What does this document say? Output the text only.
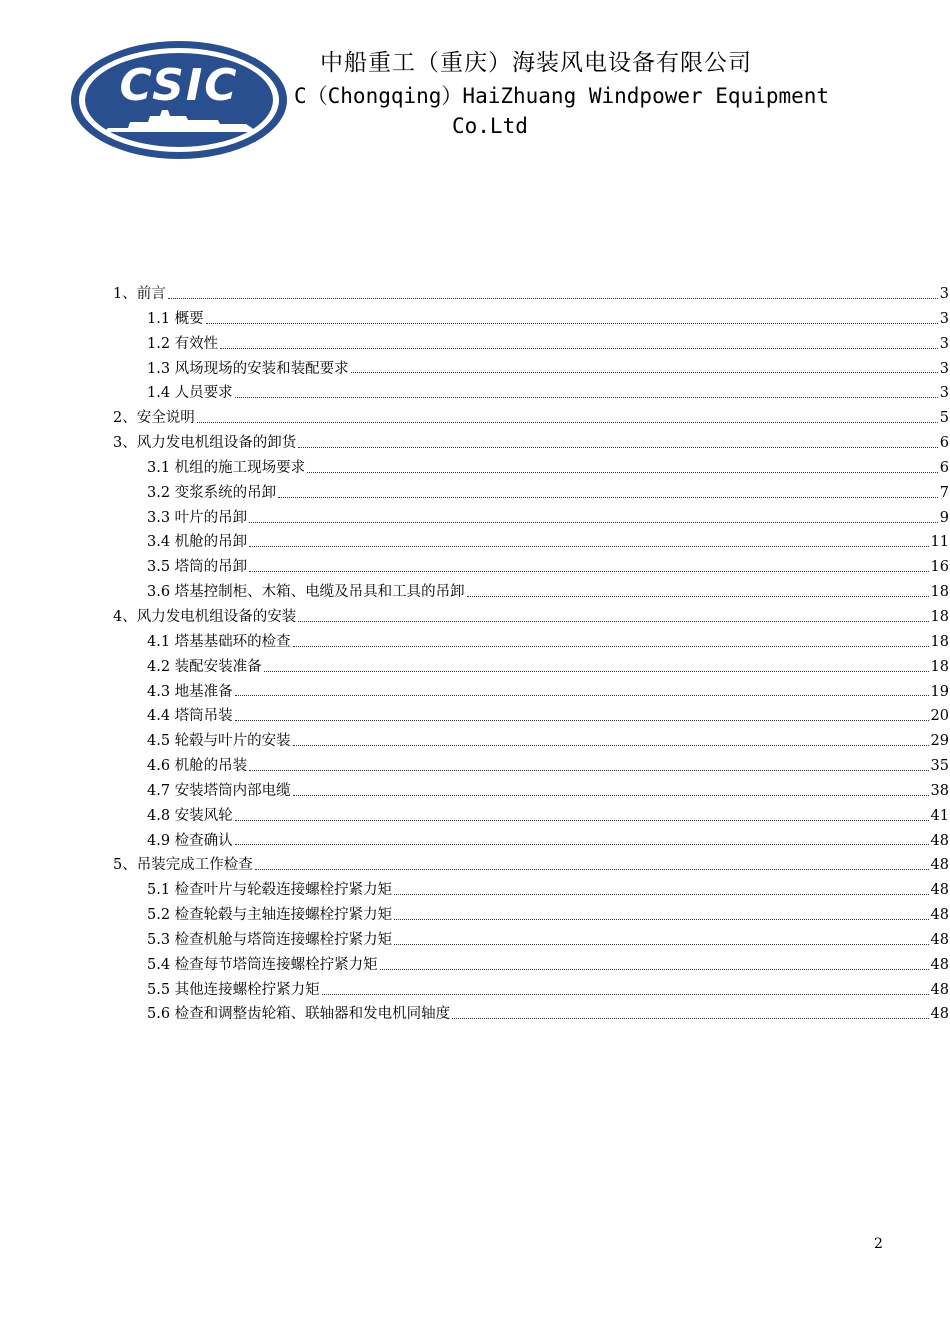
CSIC	中船重工（重庆）海装风电设备有限公司
C（Chongqing）HaiZhuang Windpower Equipment
Co.Ltd
1、前言	3
1.1 概要	3
1.2 有效性	3
1.3 风场现场的安装和装配要求	3
1.4 人员要求	3
2、安全说明	5
3、风力发电机组设备的卸货	6
3.1 机组的施工现场要求	6
3.2 变浆系统的吊卸	7
3.3 叶片的吊卸	9
3.4 机舱的吊卸	11
3.5 塔筒的吊卸	16
3.6 塔基控制柜、木箱、电缆及吊具和工具的吊卸	18
4、风力发电机组设备的安装	18
4.1 塔基基础环的检查	18
4.2 装配安装准备	18
4.3 地基准备	19
4.4 塔筒吊装	20
4.5 轮毂与叶片的安装	29
4.6 机舱的吊装	35
4.7 安装塔筒内部电缆	38
4.8 安装风轮	41
4.9 检查确认	48
5、吊装完成工作检查	48
5.1 检查叶片与轮毂连接螺栓拧紧力矩	48
5.2 检查轮毂与主轴连接螺栓拧紧力矩	48
5.3 检查机舱与塔筒连接螺栓拧紧力矩	48
5.4 检查每节塔筒连接螺栓拧紧力矩	48
5.5 其他连接螺栓拧紧力矩	48
5.6 检查和调整齿轮箱、联轴器和发电机同轴度	48
2
